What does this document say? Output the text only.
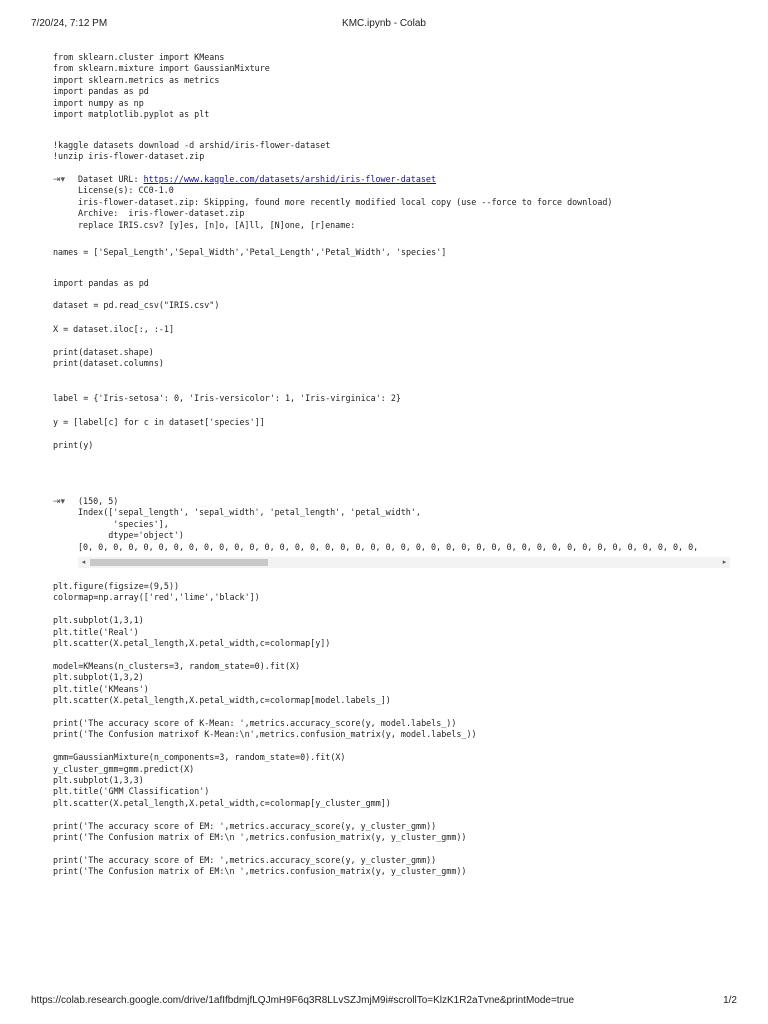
7/20/24, 7:12 PM	KMC.ipynb - Colab
from sklearn.cluster import KMeans
from sklearn.mixture import GaussianMixture
import sklearn.metrics as metrics
import pandas as pd
import numpy as np
import matplotlib.pyplot as plt
!kaggle datasets download -d arshid/iris-flower-dataset
!unzip iris-flower-dataset.zip
⇥▾	Dataset URL: https://www.kaggle.com/datasets/arshid/iris-flower-dataset
License(s): CC0-1.0
iris-flower-dataset.zip: Skipping, found more recently modified local copy (use --force to force download)
Archive:  iris-flower-dataset.zip
replace IRIS.csv? [y]es, [n]o, [A]ll, [N]one, [r]ename:
names = ['Sepal_Length','Sepal_Width','Petal_Length','Petal_Width', 'species']
import pandas as pd
dataset = pd.read_csv("IRIS.csv")
X = dataset.iloc[:, :-1]
print(dataset.shape)
print(dataset.columns)
label = {'Iris-setosa': 0, 'Iris-versicolor': 1, 'Iris-virginica': 2}
y = [label[c] for c in dataset['species']]
print(y)
⇥▾	(150, 5)
Index(['sepal_length', 'sepal_width', 'petal_length', 'petal_width',
'species'],
dtype='object')
[0, 0, 0, 0, 0, 0, 0, 0, 0, 0, 0, 0, 0, 0, 0, 0, 0, 0, 0, 0, 0, 0, 0, 0, 0, 0, 0, 0, 0, 0, 0, 0, 0, 0, 0, 0, 0, 0, 0, 0, 0,
◂	▸
plt.figure(figsize=(9,5))
colormap=np.array(['red','lime','black'])

plt.subplot(1,3,1)
plt.title('Real')
plt.scatter(X.petal_length,X.petal_width,c=colormap[y])

model=KMeans(n_clusters=3, random_state=0).fit(X)
plt.subplot(1,3,2)
plt.title('KMeans')
plt.scatter(X.petal_length,X.petal_width,c=colormap[model.labels_])

print('The accuracy score of K-Mean: ',metrics.accuracy_score(y, model.labels_))
print('The Confusion matrixof K-Mean:\n',metrics.confusion_matrix(y, model.labels_))

gmm=GaussianMixture(n_components=3, random_state=0).fit(X)
y_cluster_gmm=gmm.predict(X)
plt.subplot(1,3,3)
plt.title('GMM Classification')
plt.scatter(X.petal_length,X.petal_width,c=colormap[y_cluster_gmm])

print('The accuracy score of EM: ',metrics.accuracy_score(y, y_cluster_gmm))
print('The Confusion matrix of EM:\n ',metrics.confusion_matrix(y, y_cluster_gmm))

print('The accuracy score of EM: ',metrics.accuracy_score(y, y_cluster_gmm))
print('The Confusion matrix of EM:\n ',metrics.confusion_matrix(y, y_cluster_gmm))
https://colab.research.google.com/drive/1afIfbdmjfLQJmH9F6q3R8LLvSZJmjM9i#scrollTo=KlzK1R2aTvne&printMode=true	1/2
